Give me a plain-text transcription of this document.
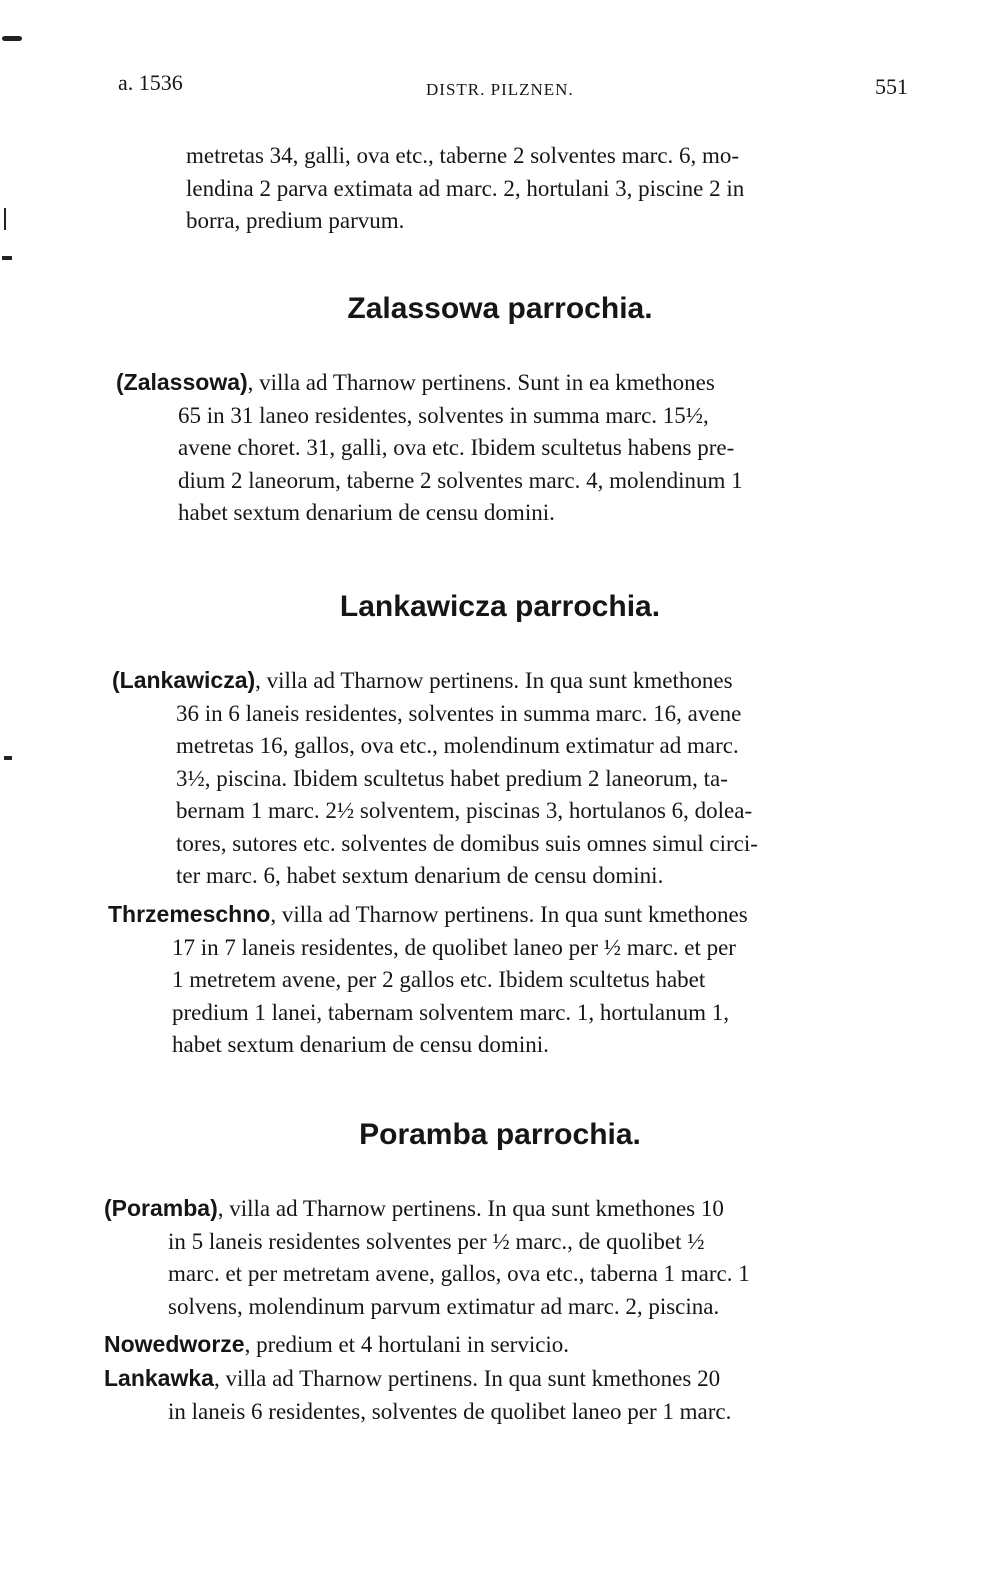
a. 1536	DISTR. PILZNEN.	551
metretas 34, galli, ova etc., taberne 2 solventes marc. 6, mo-
lendina 2 parva extimata ad marc. 2, hortulani 3, piscine 2 in
borra, predium parvum.
Zalassowa parrochia.
(Zalassowa), villa ad Tharnow pertinens. Sunt in ea kmethones
65 in 31 laneo residentes, solventes in summa marc. 15½,
avene choret. 31, galli, ova etc. Ibidem scultetus habens pre-
dium 2 laneorum, taberne 2 solventes marc. 4, molendinum 1
habet sextum denarium de censu domini.
Lankawicza parrochia.
(Lankawicza), villa ad Tharnow pertinens. In qua sunt kmethones
36 in 6 laneis residentes, solventes in summa marc. 16, avene
metretas 16, gallos, ova etc., molendinum extimatur ad marc.
3½, piscina. Ibidem scultetus habet predium 2 laneorum, ta-
bernam 1 marc. 2½ solventem, piscinas 3, hortulanos 6, dolea-
tores, sutores etc. solventes de domibus suis omnes simul circi-
ter marc. 6, habet sextum denarium de censu domini.
Thrzemeschno, villa ad Tharnow pertinens. In qua sunt kmethones
17 in 7 laneis residentes, de quolibet laneo per ½ marc. et per
1 metretem avene, per 2 gallos etc. Ibidem scultetus habet
predium 1 lanei, tabernam solventem marc. 1, hortulanum 1,
habet sextum denarium de censu domini.
Poramba parrochia.
(Poramba), villa ad Tharnow pertinens. In qua sunt kmethones 10
in 5 laneis residentes solventes per ½ marc., de quolibet ½
marc. et per metretam avene, gallos, ova etc., taberna 1 marc. 1
solvens, molendinum parvum extimatur ad marc. 2, piscina.
Nowedworze, predium et 4 hortulani in servicio.
Lankawka, villa ad Tharnow pertinens. In qua sunt kmethones 20
in laneis 6 residentes, solventes de quolibet laneo per 1 marc.
